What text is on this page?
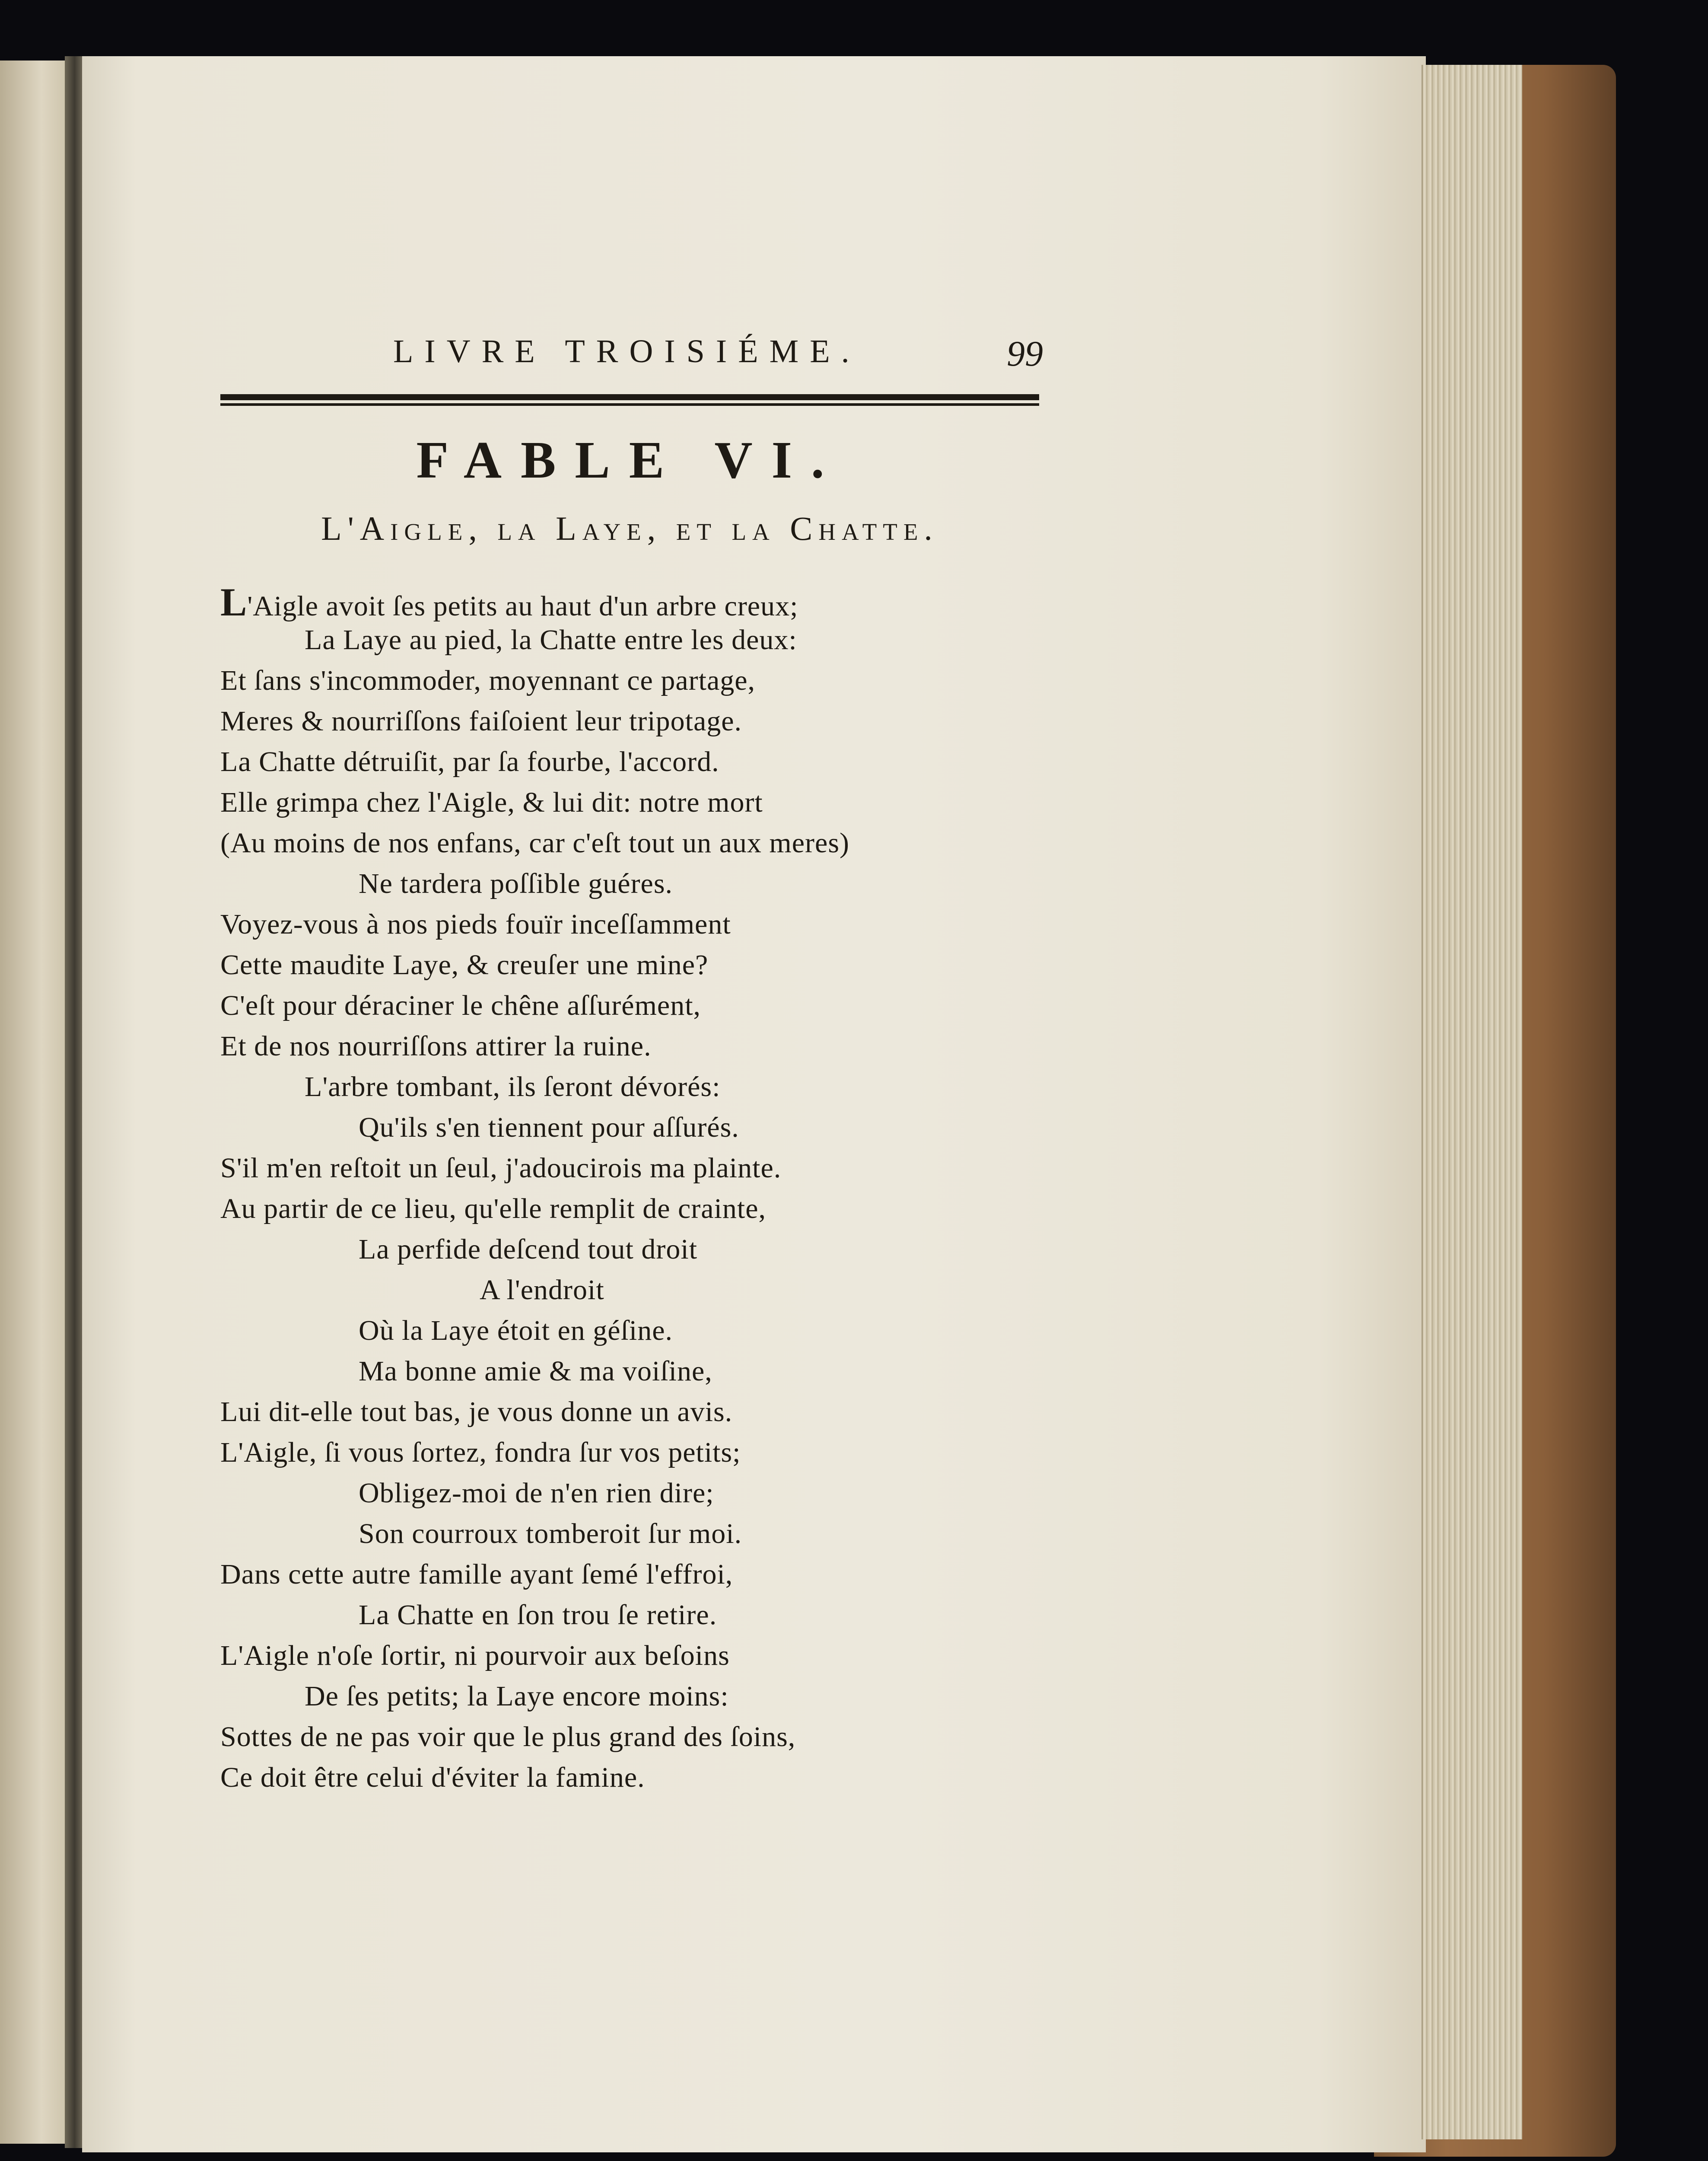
LIVRE TROISIÉME.	99
FABLE VI.
L'Aigle, la Laye, et la Chatte.
L'Aigle avoit ſes petits au haut d'un arbre creux;
La Laye au pied, la Chatte entre les deux:
Et ſans s'incommoder, moyennant ce partage,
Meres & nourriſſons faiſoient leur tripotage.
La Chatte détruiſit, par ſa fourbe, l'accord.
Elle grimpa chez l'Aigle, & lui dit: notre mort
(Au moins de nos enfans, car c'eſt tout un aux meres)
Ne tardera poſſible guéres.
Voyez-vous à nos pieds fouïr inceſſamment
Cette maudite Laye, & creuſer une mine?
C'eſt pour déraciner le chêne aſſurément,
Et de nos nourriſſons attirer la ruine.
L'arbre tombant, ils ſeront dévorés:
Qu'ils s'en tiennent pour aſſurés.
S'il m'en reſtoit un ſeul, j'adoucirois ma plainte.
Au partir de ce lieu, qu'elle remplit de crainte,
La perfide deſcend tout droit
A l'endroit
Où la Laye étoit en géſine.
Ma bonne amie & ma voiſine,
Lui dit-elle tout bas, je vous donne un avis.
L'Aigle, ſi vous ſortez, fondra ſur vos petits;
Obligez-moi de n'en rien dire;
Son courroux tomberoit ſur moi.
Dans cette autre famille ayant ſemé l'effroi,
La Chatte en ſon trou ſe retire.
L'Aigle n'oſe ſortir, ni pourvoir aux beſoins
De ſes petits; la Laye encore moins:
Sottes de ne pas voir que le plus grand des ſoins,
Ce doit être celui d'éviter la famine.
